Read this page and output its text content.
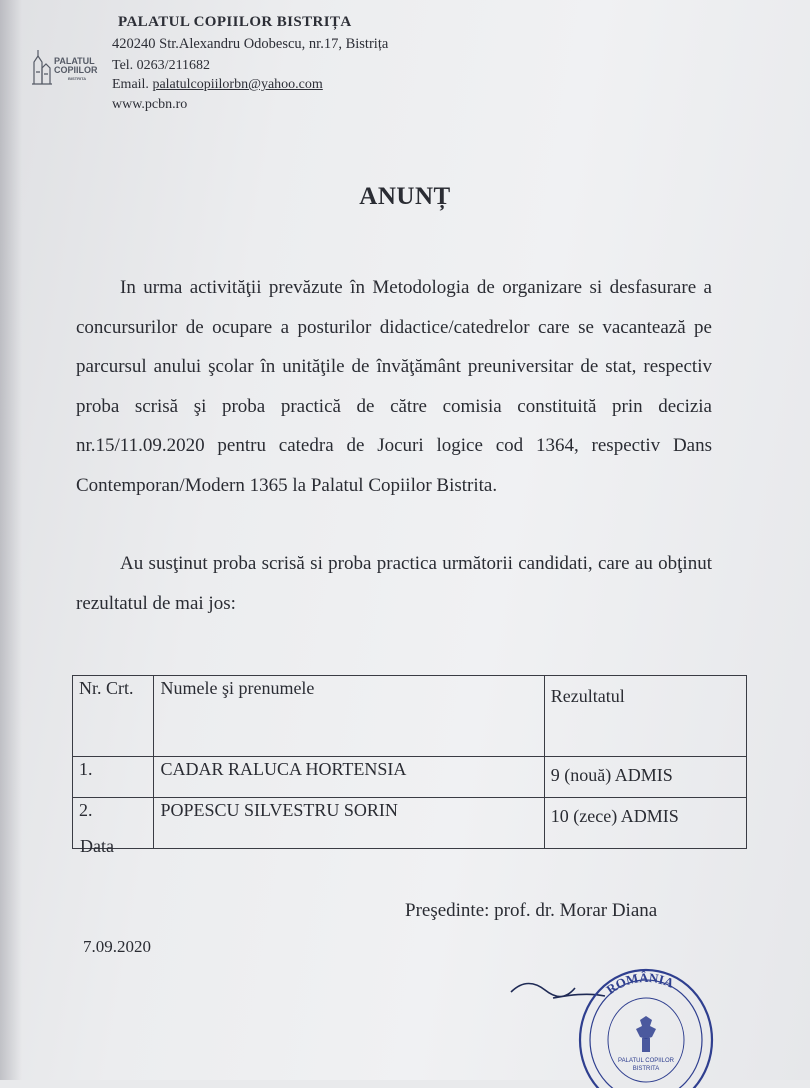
PALATUL
COPIILOR
BISTRITA
PALATUL COPIILOR BISTRIȚA
420240 Str.Alexandru Odobescu, nr.17, Bistrița
Tel. 0263/211682
Email. palatulcopiilorbn@yahoo.com
www.pcbn.ro
ANUNȚ
In urma activităţii prevăzute în Metodologia de organizare si desfasurare a concursurilor de ocupare a posturilor didactice/catedrelor care se vacantează pe parcursul anului şcolar în unităţile de învăţământ preuniversitar de stat, respectiv proba scrisă şi proba practică de către comisia constituită prin decizia nr.15/11.09.2020 pentru catedra de Jocuri logice cod 1364, respectiv Dans Contemporan/Modern 1365 la Palatul Copiilor Bistrita.
Au susţinut proba scrisă si proba practica următorii candidati, care au obţinut rezultatul de mai jos:
Nr. Crt.	Numele şi prenumele	Rezultatul
1.	CADAR RALUCA HORTENSIA	9 (nouă) ADMIS
2.	POPESCU SILVESTRU SORIN	10 (zece) ADMIS
Data
Preşedinte: prof. dr. Morar Diana
7.09.2020
ROMÂNIA
PALATUL COPIILOR
BISTRITA
